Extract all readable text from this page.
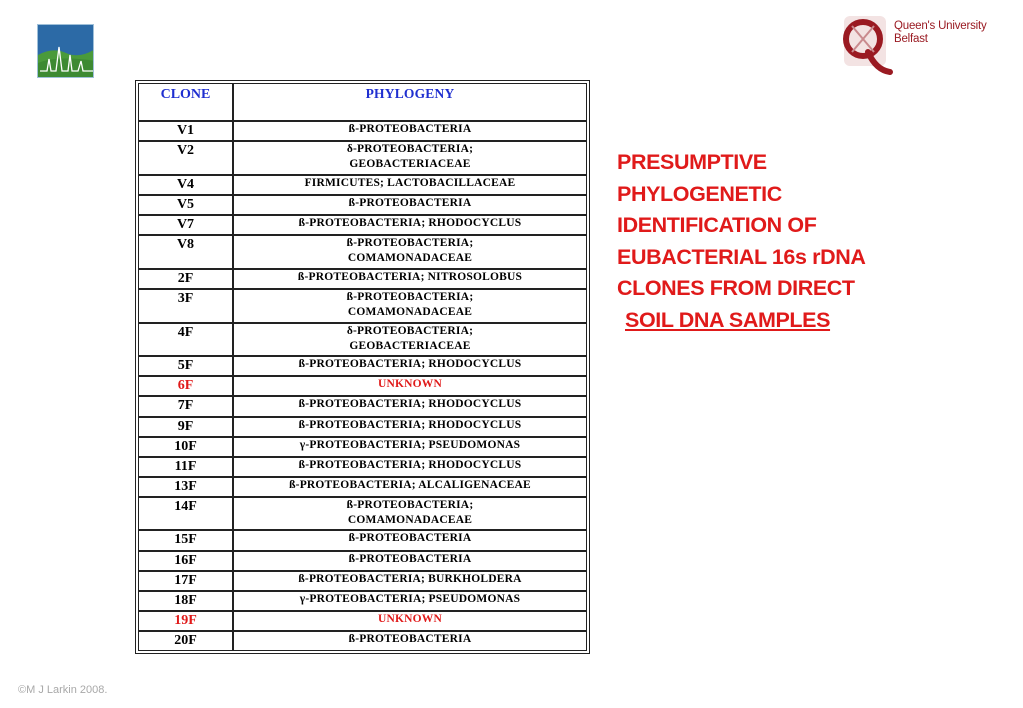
Queen's University
Belfast
CLONE	PHYLOGENY
V1	ß-PROTEOBACTERIA

V2	δ-PROTEOBACTERIA;
GEOBACTERIACEAE

V4	FIRMICUTES; LACTOBACILLACEAE

V5	ß-PROTEOBACTERIA

V7	ß-PROTEOBACTERIA; RHODOCYCLUS

V8	ß-PROTEOBACTERIA;
COMAMONADACEAE

2F	ß-PROTEOBACTERIA; NITROSOLOBUS

3F	ß-PROTEOBACTERIA;
COMAMONADACEAE

4F	δ-PROTEOBACTERIA;
GEOBACTERIACEAE

5F	ß-PROTEOBACTERIA; RHODOCYCLUS

6F	UNKNOWN

7F	ß-PROTEOBACTERIA; RHODOCYCLUS

9F	ß-PROTEOBACTERIA; RHODOCYCLUS

10F	γ-PROTEOBACTERIA; PSEUDOMONAS

11F	ß-PROTEOBACTERIA; RHODOCYCLUS

13F	ß-PROTEOBACTERIA; ALCALIGENACEAE

14F	ß-PROTEOBACTERIA;
COMAMONADACEAE

15F	ß-PROTEOBACTERIA

16F	ß-PROTEOBACTERIA

17F	ß-PROTEOBACTERIA; BURKHOLDERA

18F	γ-PROTEOBACTERIA; PSEUDOMONAS

19F	UNKNOWN

20F	ß-PROTEOBACTERIA
PRESUMPTIVE
PHYLOGENETIC
IDENTIFICATION OF
EUBACTERIAL 16s rDNA
CLONES FROM DIRECT
SOIL DNA SAMPLES
©M J Larkin 2008.
